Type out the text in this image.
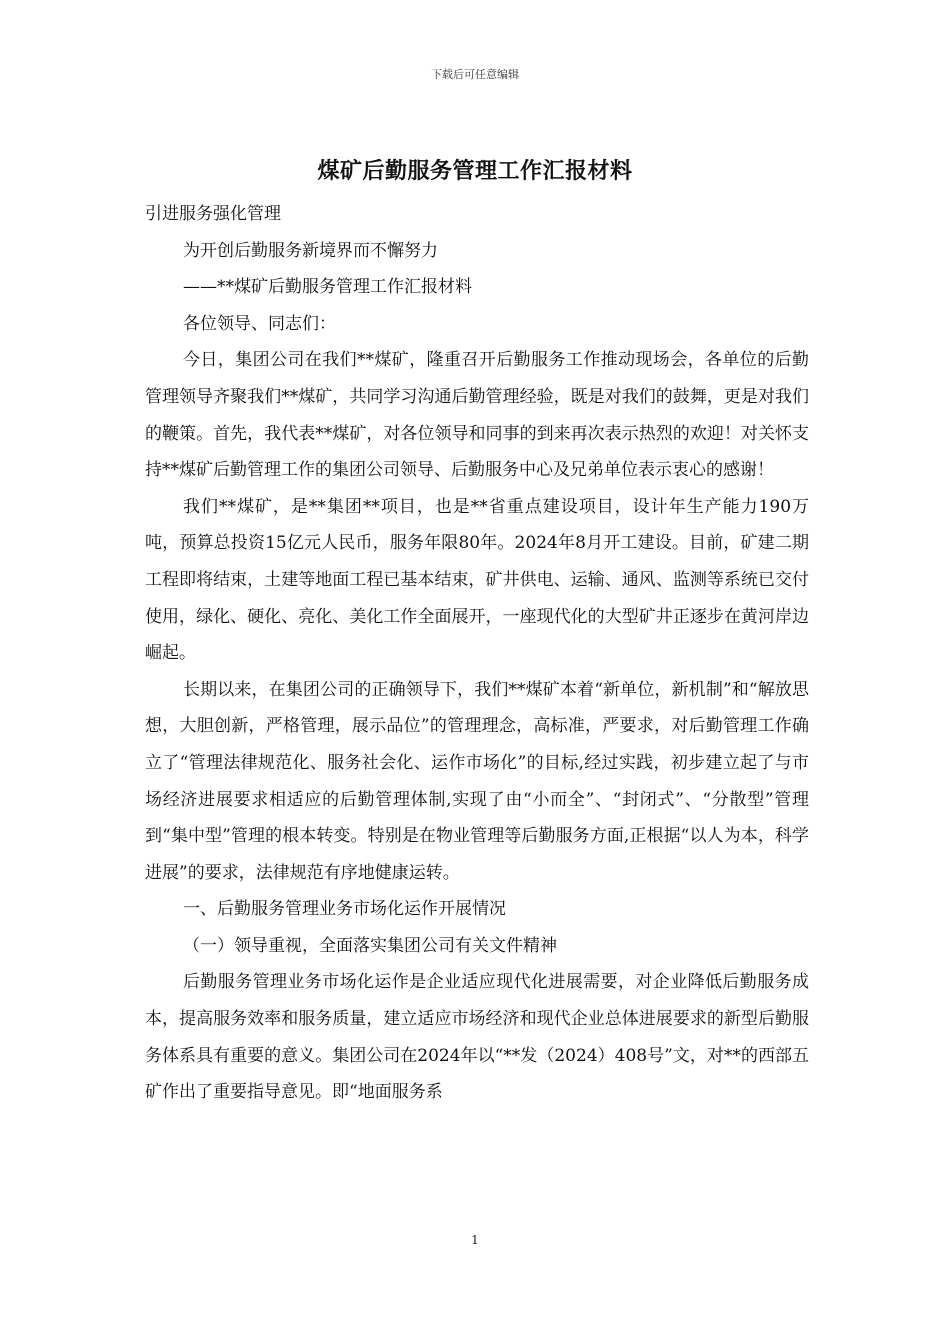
下载后可任意编辑
煤矿后勤服务管理工作汇报材料

引进服务强化管理

为开创后勤服务新境界而不懈努力

——**煤矿后勤服务管理工作汇报材料

各位领导、同志们：

今日，集团公司在我们**煤矿，隆重召开后勤服务工作推动现场会，各单位的后勤管理领导齐聚我们**煤矿，共同学习沟通后勤管理经验，既是对我们的鼓舞，更是对我们的鞭策。首先，我代表**煤矿，对各位领导和同事的到来再次表示热烈的欢迎！对关怀支持**煤矿后勤管理工作的集团公司领导、后勤服务中心及兄弟单位表示衷心的感谢！

我们**煤矿，是**集团**项目，也是**省重点建设项目，设计年生产能力190万吨，预算总投资15亿元人民币，服务年限80年。2024年8月开工建设。目前，矿建二期工程即将结束，土建等地面工程已基本结束，矿井供电、运输、通风、监测等系统已交付使用，绿化、硬化、亮化、美化工作全面展开，一座现代化的大型矿井正逐步在黄河岸边崛起。

长期以来，在集团公司的正确领导下，我们**煤矿本着“新单位，新机制”和“解放思想，大胆创新，严格管理，展示品位”的管理理念，高标准，严要求，对后勤管理工作确立了“管理法律规范化、服务社会化、运作市场化”的目标,经过实践，初步建立起了与市场经济进展要求相适应的后勤管理体制,实现了由“小而全”、“封闭式”、“分散型”管理到“集中型”管理的根本转变。特别是在物业管理等后勤服务方面,正根据“以人为本，科学进展”的要求，法律规范有序地健康运转。

一、后勤服务管理业务市场化运作开展情况

（一）领导重视，全面落实集团公司有关文件精神

后勤服务管理业务市场化运作是企业适应现代化进展需要，对企业降低后勤服务成本，提高服务效率和服务质量，建立适应市场经济和现代企业总体进展要求的新型后勤服务体系具有重要的意义。集团公司在2024年以“**发（2024）408号”文，对**的西部五矿作出了重要指导意见。即“地面服务系

1
